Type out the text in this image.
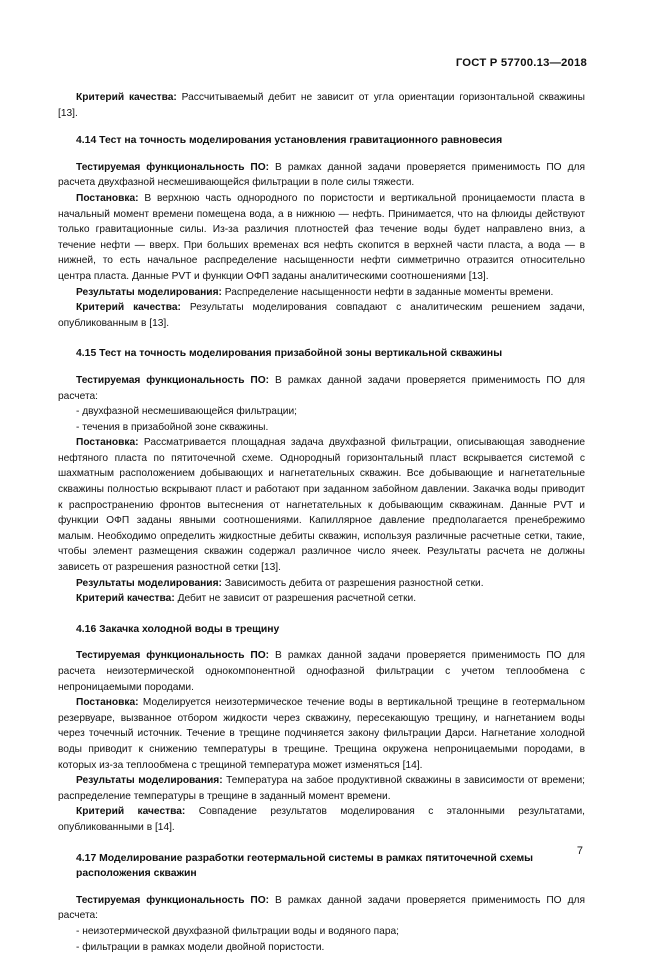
ГОСТ Р 57700.13—2018

Критерий качества: Рассчитываемый дебит не зависит от угла ориентации горизонтальной скважины [13].

4.14 Тест на точность моделирования установления гравитационного равновесия

Тестируемая функциональность ПО: В рамках данной задачи проверяется применимость ПО для расчета двухфазной несмешивающейся фильтрации в поле силы тяжести.

Постановка: В верхнюю часть однородного по пористости и вертикальной проницаемости пласта в начальный момент времени помещена вода, а в нижнюю — нефть. Принимается, что на флюиды действуют только гравитационные силы. Из-за различия плотностей фаз течение воды будет направлено вниз, а течение нефти — вверх. При больших временах вся нефть скопится в верхней части пласта, а вода — в нижней, то есть начальное распределение насыщенности нефти симметрично отразится относительно центра пласта. Данные PVT и функции ОФП заданы аналитическими соотношениями [13].

Результаты моделирования: Распределение насыщенности нефти в заданные моменты времени.

Критерий качества: Результаты моделирования совпадают с аналитическим решением задачи, опубликованным в [13].

4.15 Тест на точность моделирования призабойной зоны вертикальной скважины

Тестируемая функциональность ПО: В рамках данной задачи проверяется применимость ПО для расчета:

- двухфазной несмешивающейся фильтрации;

- течения в призабойной зоне скважины.

Постановка: Рассматривается площадная задача двухфазной фильтрации, описывающая заводнение нефтяного пласта по пятиточечной схеме. Однородный горизонтальный пласт вскрывается системой с шахматным расположением добывающих и нагнетательных скважин. Все добывающие и нагнетательные скважины полностью вскрывают пласт и работают при заданном забойном давлении. Закачка воды приводит к распространению фронтов вытеснения от нагнетательных к добывающим скважинам. Данные PVT и функции ОФП заданы явными соотношениями. Капиллярное давление предполагается пренебрежимо малым. Необходимо определить жидкостные дебиты скважин, используя различные расчетные сетки, такие, чтобы элемент размещения скважин содержал различное число ячеек. Результаты расчета не должны зависеть от разрешения разностной сетки [13].

Результаты моделирования: Зависимость дебита от разрешения разностной сетки.

Критерий качества: Дебит не зависит от разрешения расчетной сетки.

4.16 Закачка холодной воды в трещину

Тестируемая функциональность ПО: В рамках данной задачи проверяется применимость ПО для расчета неизотермической однокомпонентной однофазной фильтрации с учетом теплообмена с непроницаемыми породами.

Постановка: Моделируется неизотермическое течение воды в вертикальной трещине в геотермальном резервуаре, вызванное отбором жидкости через скважину, пересекающую трещину, и нагнетанием воды через точечный источник. Течение в трещине подчиняется закону фильтрации Дарси. Нагнетание холодной воды приводит к снижению температуры в трещине. Трещина окружена непроницаемыми породами, в которых из-за теплообмена с трещиной температура может изменяться [14].

Результаты моделирования: Температура на забое продуктивной скважины в зависимости от времени; распределение температуры в трещине в заданный момент времени.

Критерий качества: Совпадение результатов моделирования с эталонными результатами, опубликованными в [14].

4.17 Моделирование разработки геотермальной системы в рамках пятиточечной схемы расположения скважин

Тестируемая функциональность ПО: В рамках данной задачи проверяется применимость ПО для расчета:

- неизотермической двухфазной фильтрации воды и водяного пара;

- фильтрации в рамках модели двойной пористости.

7
